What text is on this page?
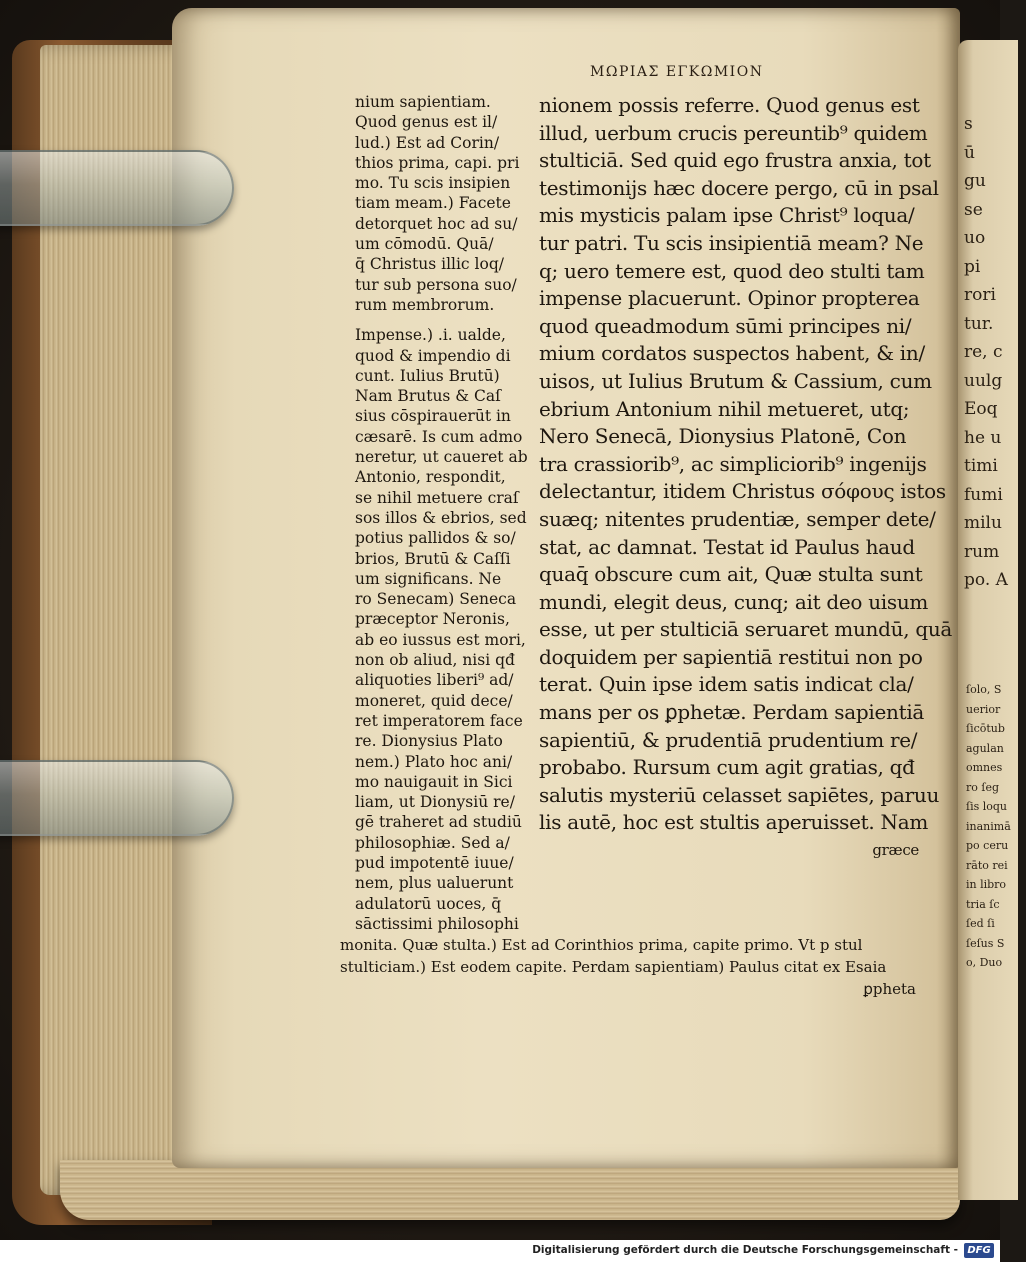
s
ū
gu
se
uo
pi
rori
tur.
re, c
uulg
Eoq
he u
timi
fumi
milu
rum
po. A
ſolo, S
uerior
ſicōtub
agulan
omnes
ro ſeg
ſis loqu
inanimā
po ceru
rāto rei
in libro
tria ſc
ſed ſi
ſeſus S
o, Duo
ΜΩΡΙΑΣ ΕΓΚΩΜΙΟΝ
nium sapientiam.
Quod genus est il/
lud.) Est ad Corin/
thios prima, capi. pri
mo. Tu scis insipien
tiam meam.) Facete
detorquet hoc ad su/
um cōmodū. Quā/
q̄ Christus illic loq/
tur sub persona suo/
rum membrorum.
Impense.) .i. ualde,
quod & impendio di
cunt. Iulius Brutū)
Nam Brutus & Caſ
sius cōspirauerūt in
cæsarē. Is cum admo
neretur, ut caueret ab
Antonio, respondit,
se nihil metuere craſ
sos illos & ebrios, sed
potius pallidos & so/
brios, Brutū & Caſſi
um significans. Ne
ro Senecam) Seneca
præceptor Neronis,
ab eo iussus est mori,
non ob aliud, nisi qđ
aliquoties liberi⁹ ad/
moneret, quid dece/
ret imperatorem face
re. Dionysius Plato
nem.) Plato hoc ani/
mo nauigauit in Sici
liam, ut Dionysiū re/
gē traheret ad studiū
philosophiæ. Sed a/
pud impotentē iuue/
nem, plus ualuerunt
adulatorū uoces, q̄
sāctissimi philosophi
nionem possis referre. Quod genus est
illud, uerbum crucis pereuntib⁹ quidem
stulticiā. Sed quid ego frustra anxia, tot
testimonijs hæc docere pergo, cū in psal
mis mysticis palam ipse Christ⁹ loqua/
tur patri. Tu scis insipientiā meam? Ne
q; uero temere est, quod deo stulti tam
impense placuerunt. Opinor propterea
quod queadmodum sūmi principes ni/
mium cordatos suspectos habent, & in/
uisos, ut Iulius Brutum & Cassium, cum
ebrium Antonium nihil metueret, utq;
Nero Senecā, Dionysius Platonē, Con
tra crassiorib⁹, ac simpliciorib⁹ ingenijs
delectantur, itidem Christus σόφους istos
suæq; nitentes prudentiæ, semper dete/
stat, ac damnat. Testat id Paulus haud
quaq̄ obscure cum ait, Quæ stulta sunt
mundi, elegit deus, cunq; ait deo uisum
esse, ut per stulticiā seruaret mundū, quā
doquidem per sapientiā restitui non po
terat. Quin ipse idem satis indicat cla/
mans per os ꝑphetæ. Perdam sapientiā
sapientiū, & prudentiā prudentium re/
probabo. Rursum cum agit gratias, qđ
salutis mysteriū celasset sapiētes, paruu
lis autē, hoc est stultis aperuisset. Nam
græce
monita. Quæ stulta.) Est ad Corinthios prima, capite primo. Vt p stul
stulticiam.) Est eodem capite. Perdam sapientiam) Paulus citat ex Esaia
ꝑpheta
Digitalisierung gefördert durch die Deutsche Forschungsgemeinschaft - DFG
